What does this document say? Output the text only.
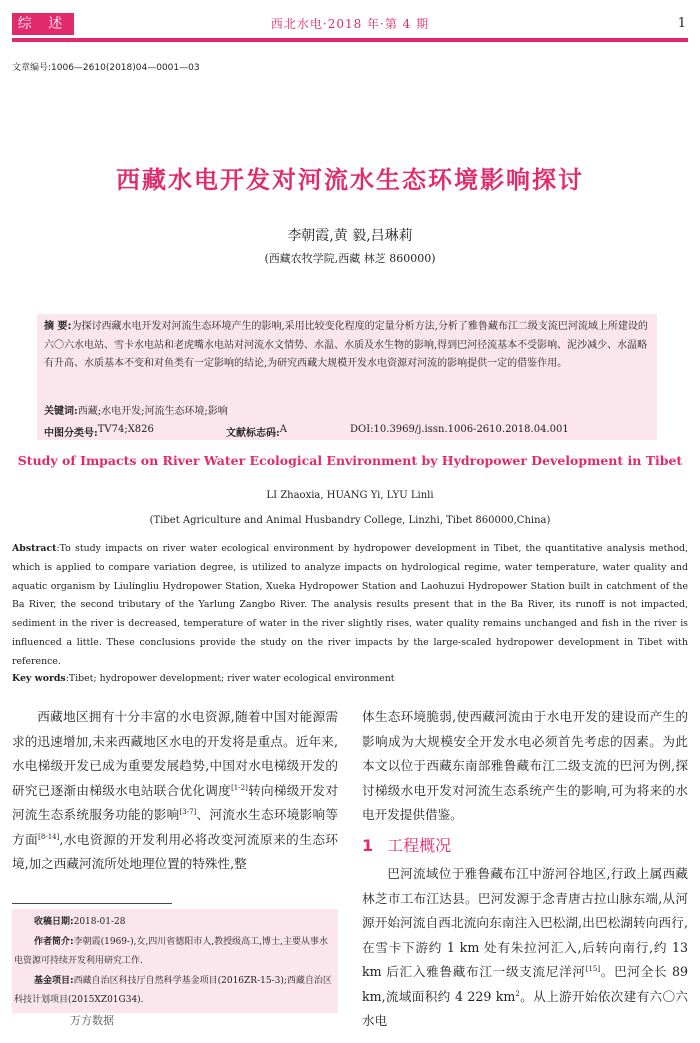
综 述	西北水电·2018 年·第 4 期	1
文章编号:1006—2610(2018)04—0001—03
西藏水电开发对河流水生态环境影响探讨
李朝霞,黄 毅,吕琳莉
(西藏农牧学院,西藏 林芝 860000)
摘 要:为探讨西藏水电开发对河流生态环境产生的影响,采用比较变化程度的定量分析方法,分析了雅鲁藏布江二级支流巴河流域上所建设的六〇六水电站、雪卡水电站和老虎嘴水电站对河流水文情势、水温、水质及水生物的影响,得到巴河径流基本不受影响、泥沙减少、水温略有升高、水质基本不变和对鱼类有一定影响的结论,为研究西藏大规模开发水电资源对河流的影响提供一定的借鉴作用。
关键词:西藏;水电开发;河流生态环境;影响
中图分类号: TV74;X826	文献标志码: A	DOI:10.3969/j.issn.1006-2610.2018.04.001
Study of Impacts on River Water Ecological Environment by Hydropower Development in Tibet
LI Zhaoxia, HUANG Yi, LYU Linli
(Tibet Agriculture and Animal Husbandry College, Linzhi, Tibet 860000,China)
Abstract:To study impacts on river water ecological environment by hydropower development in Tibet, the quantitative analysis method, which is applied to compare variation degree, is utilized to analyze impacts on hydrological regime, water temperature, water quality and aquatic organism by Liulingliu Hydropower Station, Xueka Hydropower Station and Laohuzui Hydropower Station built in catchment of the Ba River, the second tributary of the Yarlung Zangbo River. The analysis results present that in the Ba River, its runoff is not impacted, sediment in the river is decreased, temperature of water in the river slightly rises, water quality remains unchanged and fish in the river is influenced a little. These conclusions provide the study on the river impacts by the large-scaled hydropower development in Tibet with reference.
Key words:Tibet; hydropower development; river water ecological environment

西藏地区拥有十分丰富的水电资源,随着中国对能源需求的迅速增加,未来西藏地区水电的开发将是重点。近年来,水电梯级开发已成为重要发展趋势,中国对水电梯级开发的研究已逐渐由梯级水电站联合优化调度[1-2]转向梯级开发对河流生态系统服务功能的影响[3-7]、河流水生态环境影响等方面[8-14],水电资源的开发利用必将改变河流原来的生态环境,加之西藏河流所处地理位置的特殊性,整

收稿日期:2018-01-28
作者简介:李朝霞(1969-),女,四川省德阳市人,教授级高工,博士,主要从事水电资源可持续开发利用研究工作.
基金项目:西藏自治区科技厅自然科学基金项目(2016ZR-15-3);西藏自治区科技计划项目(2015XZ01G34).
万方数据

体生态环境脆弱,使西藏河流由于水电开发的建设而产生的影响成为大规模安全开发水电必须首先考虑的因素。为此本文以位于西藏东南部雅鲁藏布江二级支流的巴河为例,探讨梯级水电开发对河流生态系统产生的影响,可为将来的水电开发提供借鉴。

1 工程概况

巴河流域位于雅鲁藏布江中游河谷地区,行政上属西藏林芝市工布江达县。巴河发源于念青唐古拉山脉东端,从河源开始河流自西北流向东南注入巴松湖,出巴松湖转向西行,在雪卡下游约 1 km 处有朱拉河汇入,后转向南行,约 13 km 后汇入雅鲁藏布江一级支流尼洋河[15]。巴河全长 89 km,流域面积约 4 229 $km^2$。从上游开始依次建有六〇六水电
